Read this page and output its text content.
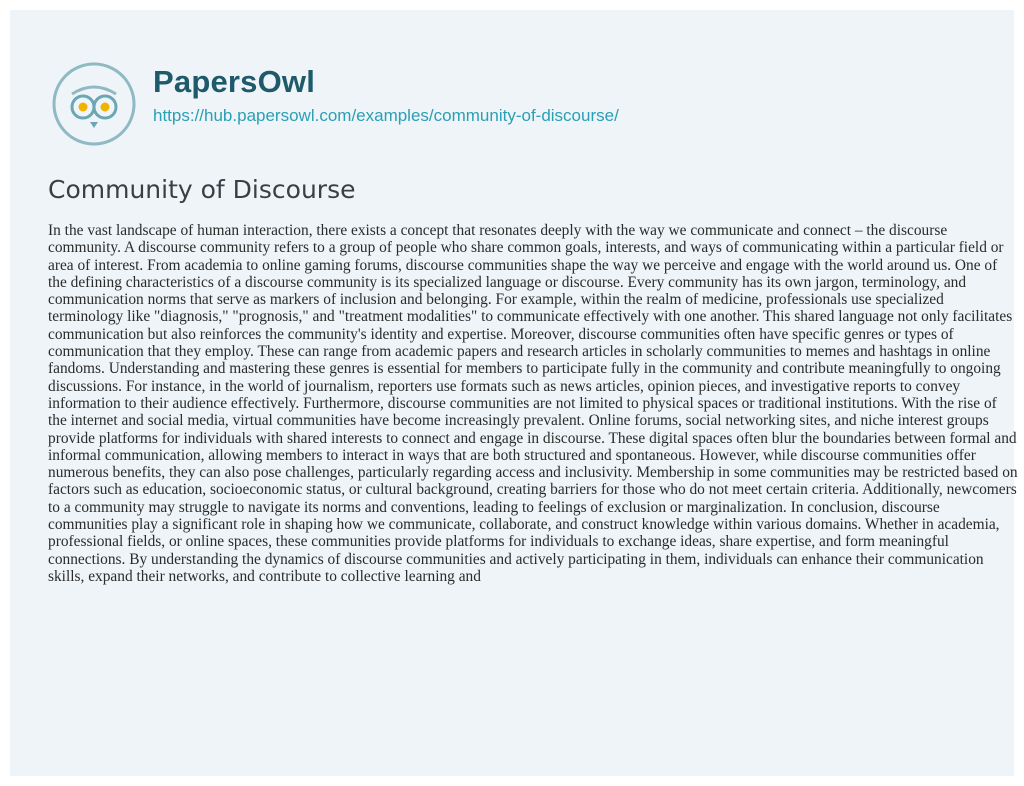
PapersOwl
https://hub.papersowl.com/examples/community-of-discourse/
Community of Discourse

In the vast landscape of human interaction, there exists a concept that resonates deeply with the way we communicate and connect – the discourse community. A discourse community refers to a group of people who share common goals, interests, and ways of communicating within a particular field or area of interest. From academia to online gaming forums, discourse communities shape the way we perceive and engage with the world around us. One of the defining characteristics of a discourse community is its specialized language or discourse. Every community has its own jargon, terminology, and communication norms that serve as markers of inclusion and belonging. For example, within the realm of medicine, professionals use specialized terminology like "diagnosis," "prognosis," and "treatment modalities" to communicate effectively with one another. This shared language not only facilitates communication but also reinforces the community's identity and expertise. Moreover, discourse communities often have specific genres or types of communication that they employ. These can range from academic papers and research articles in scholarly communities to memes and hashtags in online fandoms. Understanding and mastering these genres is essential for members to participate fully in the community and contribute meaningfully to ongoing discussions. For instance, in the world of journalism, reporters use formats such as news articles, opinion pieces, and investigative reports to convey information to their audience effectively. Furthermore, discourse communities are not limited to physical spaces or traditional institutions. With the rise of the internet and social media, virtual communities have become increasingly prevalent. Online forums, social networking sites, and niche interest groups provide platforms for individuals with shared interests to connect and engage in discourse. These digital spaces often blur the boundaries between formal and informal communication, allowing members to interact in ways that are both structured and spontaneous. However, while discourse communities offer numerous benefits, they can also pose challenges, particularly regarding access and inclusivity. Membership in some communities may be restricted based on factors such as education, socioeconomic status, or cultural background, creating barriers for those who do not meet certain criteria. Additionally, newcomers to a community may struggle to navigate its norms and conventions, leading to feelings of exclusion or marginalization. In conclusion, discourse communities play a significant role in shaping how we communicate, collaborate, and construct knowledge within various domains. Whether in academia, professional fields, or online spaces, these communities provide platforms for individuals to exchange ideas, share expertise, and form meaningful connections. By understanding the dynamics of discourse communities and actively participating in them, individuals can enhance their communication skills, expand their networks, and contribute to collective learning and
